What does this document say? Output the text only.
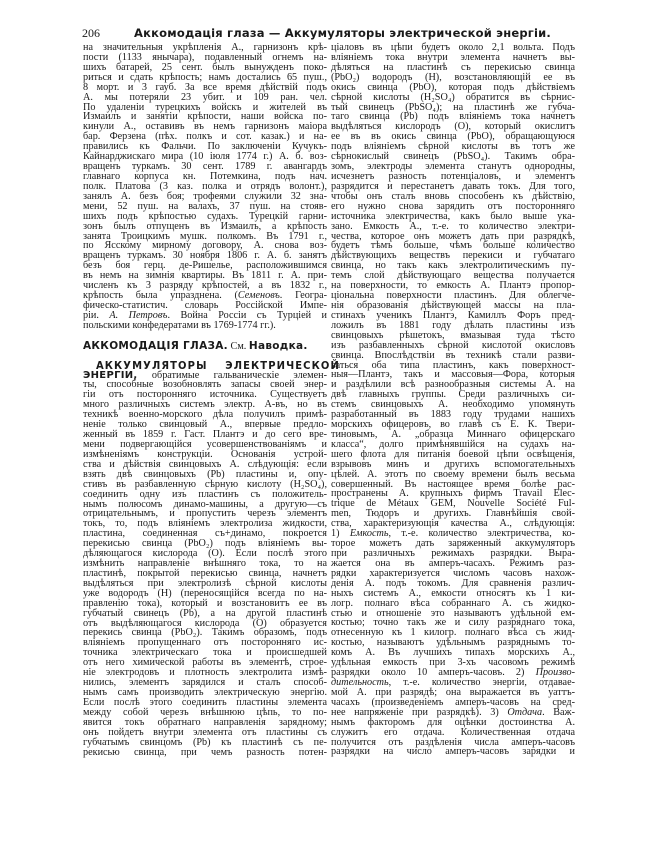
206	Аккомодація глаза — Аккумуляторы электрической энергіи.
на значительныя укрѣпленія А., гарнизонъ крѣ-
пости (1133 янычара), подавленный огнемъ на-
шихъ батарей, 25 сент. былъ вынужденъ поко-
риться и сдать крѣпость; намъ достались 65 пуш.,
8 морт. и 3 гауб. За все время дѣйствій подъ
А. мы потеряли 23 убит. и 109 ран. чел.
По удаленіи турецкихъ войскъ и жителей въ
Измаилъ и занятіи крѣпости, наши войска по-
кинули А., оставивъ въ немъ гарнизонъ маіора
бар. Ферзена (пѣх. полкъ и сот. казак.) и на-
правились къ Фальчи. По заключеніи Кучукъ-
Кайнарджискаго мира (10 іюля 1774 г.) А. б. воз-
вращенъ туркамъ. 30 сент. 1789 г. авангардъ
главнаго корпуса кн. Потемкина, подъ нач.
полк. Платова (3 каз. полка и отрядъ волонт.),
занялъ А. безъ боя; трофеями служили 32 зна-
мени, 52 пуш. на валахъ, 37 пуш. на стояв-
шихъ подъ крѣпостью судахъ. Турецкій гарни-
зонъ былъ отпущенъ въ Измаилъ, а крѣпость
занята Троицкимъ мушк. полкомъ. Въ 1791 г.,
по Ясскому мирному договору, А. снова воз-
вращенъ туркамъ. 30 ноября 1806 г. А. б. занятъ
безъ боя герц. де-Ришелье, расположившимся
въ немъ на зимнія квартиры. Въ 1811 г. А. при-
численъ къ 3 разряду крѣпостей, а въ 1832 г.,
крѣпость была упразднена. (Семеновъ. Геогра-
фическо-статистич. словарь Россійской Импе-
ріи. А. Петровъ. Война Россіи съ Турціей и
польскими конфедератами въ 1769-1774 гг.).
АККОМОДАЦІЯ ГЛАЗА. См. Наводка.
АККУМУЛЯТОРЫ ЭЛЕКТРИЧЕСКОЙ
ЭНЕРГІИ, обратимые гальваническіе элемен-
ты, способные возобновлять запасы своей энер-
гіи отъ посторонняго источника. Существуетъ
много различныхъ системъ электр. А-въ, но въ
техникѣ военно-морского дѣла получилъ примѣ-
неніе только свинцовый А., впервые предло-
женный въ 1859 г. Гаст. Плантэ и до сего вре-
мени подвергающійся усовершенствованіямъ и
измѣненіямъ конструкціи. Основанія устрой-
ства и дѣйствія свинцовыхъ А. слѣдующія: если
взять двѣ свинцовыхъ (Pb) пластины и, опу-
стивъ въ разбавленную сѣрную кислоту (H₂SO₄),
соединить одну изъ пластинъ съ положитель-
нымъ полюсомъ динамо-машины, а другую—съ
отрицательнымъ, и пропустить черезъ элементъ
токъ, то, подъ вліяніемъ электролиза жидкости,
пластина, соединенная съ+динамо, покроется
перекисью свинца (PbO₂) подъ вліяніемъ вы-
дѣляющагося кислорода (O). Если послѣ этого
измѣнить направленіе внѣшняго тока, то на
пластинѣ, покрытой перекисью свинца, начнетъ
выдѣляться при электролизѣ сѣрной кислоты
уже водородъ (H) (переносящійся всегда по на-
правленію тока), который и возстановитъ ее въ
губчатый свинецъ (Pb), а на другой пластинѣ
отъ выдѣляющагося кислорода (O) образуется
перекись свинца (PbO₂). Такимъ образомъ, подъ
вліяніемъ пропущеннаго отъ посторонняго ис-
точника электрическаго тока и происшедшей
отъ него химической работы въ элементѣ, строе-
ніе электродовъ и плотность электролита измѣ-
нились, элементъ зарядился и сталъ способ-
нымъ самъ производить электрическую энергію.
Если послѣ этого соединить пластины элемента
между собой черезъ внѣшнюю цѣпь, то по-
явится токъ обратнаго направленія зарядному;
онъ пойдетъ внутри элемента отъ пластины съ
губчатымъ свинцомъ (Pb) къ пластинѣ съ пе-
рекисью свинца, при чемъ разность потен-
ціаловъ въ цѣпи будетъ около 2,1 вольта. Подъ
вліяніемъ тока внутри элемента начнетъ вы-
дѣляться на пластинѣ съ перекисью свинца
(PbO₂) водородъ (H), возстановляющій ее въ
окись свинца (PbO), которая подъ дѣйствіемъ
сѣрной кислоты (H₂SO₄) обратится въ сѣрнис-
тый свинецъ (PbSO₄); на пластинѣ же губча-
таго свинца (Pb) подъ вліяніемъ тока начнетъ
выдѣляться кислородъ (O), который окислитъ
ее въ въ окись свинца (PbO), обращающуюся
подъ вліяніемъ сѣрной кислоты въ тотъ же
сѣрнокислый свинецъ (PbSO₄). Такимъ обра-
зомъ, электроды элемента станутъ однородны,
исчезнетъ разность потенціаловъ, и элементъ
разрядится и перестанетъ давать токъ. Для того,
чтобы онъ сталъ вновь способенъ къ дѣйствію,
его нужно снова зарядить отъ посторонняго
источника электричества, какъ было выше ука-
зано. Емкость А., т.-е. то количество электри-
чества, которое онъ можетъ дать при разрядкѣ,
будетъ тѣмъ больше, чѣмъ больше количество
дѣйствующихъ веществъ перекиси и губчатаго
свинца, но такъ какъ электролитическимъ пу-
темъ слой дѣйствующаго вещества получается
на поверхности, то емкость А. Плантэ пропор-
ціональна поверхности пластинъ. Для облегче-
нія образованія дѣйствующей массы на пла-
стинахъ ученикъ Плантэ, Камиллъ Форъ пред-
ложилъ въ 1881 году дѣлать пластины изъ
свинцовыхъ рѣшетокъ, вмазывая туда тѣсто
изъ разбавленныхъ сѣрной кислотой окисловъ
свинца. Впослѣдствіи въ техникѣ стали разви-
ваться оба типа пластинъ, какъ поверхност-
ныя—Плантэ, такъ и массовыя—Фора, которыя
и раздѣлили всѣ разнообразныя системы А. на
двѣ главныхъ группы. Среди различныхъ си-
стемъ свинцовыхъ А. необходимо упомянуть
разработанный въ 1883 году трудами нашихъ
морскихъ офицеровъ, во главѣ съ Е. К. Твери-
тиновымъ, А. „образца Миннаго офицерскаго
класса“, долго примѣнявшійся на судахъ на-
шего флота для питанія боевой цѣпи освѣщенія,
взрывовъ минъ и другихъ вспомогательныхъ
цѣлей. А. этотъ по своему времени былъ весьма
совершенный. Въ настоящее время болѣе рас-
пространены А. крупныхъ фирмъ Travail Elec-
trique de Métaux GEM, Nouvelle Société Ful-
men, Тюдоръ и другихъ. Главнѣйшія свой-
ства, характеризующія качества А., слѣдующія:
1) Емкость, т.-е. количество электричества, ко-
торое можетъ дать заряженный аккумуляторъ
при различныхъ режимахъ разрядки. Выра-
жается она въ амперъ-часахъ. Режимъ раз-
рядки характеризуется числомъ часовъ нахож-
денія А. подъ токомъ. Для сравненія различ-
ныхъ системъ А., емкости относятъ къ 1 ки-
логр. полнаго вѣса собраннаго А. съ жидко-
стью и отношеніе это называютъ удѣльной ем-
костью; точно такъ же и силу разряднаго тока,
отнесенную къ 1 килогр. полнаго вѣса съ жид-
костью, называютъ удѣльнымъ разряднымъ то-
комъ А. Въ лучшихъ типахъ морскихъ А.,
удѣльная емкость при 3-хъ часовомъ режимѣ
разрядки около 10 амперъ-часовъ. 2) Произво-
дительность, т.-е. количество энергіи, отдавае-
мой А. при разрядѣ; она выражается въ уаттъ-
часахъ (произведеніемъ амперъ-часовъ на сред-
нее напряженіе при разрядкѣ). 3) Отдача. Важ-
нымъ факторомъ для оцѣнки достоинства А.
служитъ его отдача. Количественная отдача
получится отъ раздѣленія числа амперъ-часовъ
разрядки на число амперъ-часовъ зарядки и
